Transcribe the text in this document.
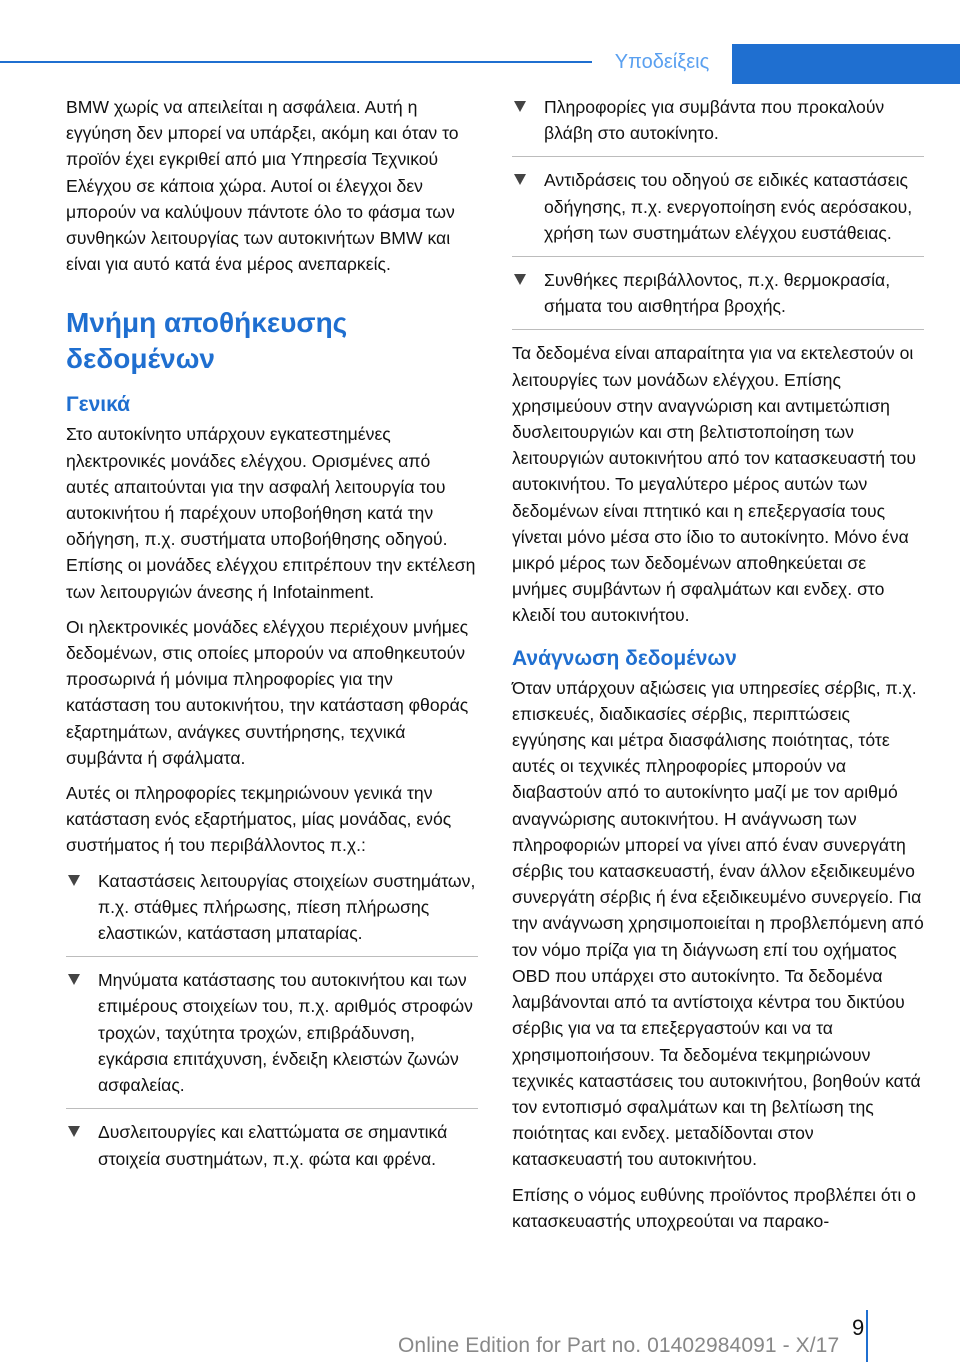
Υποδείξεις

BMW χωρίς να απειλείται η ασφάλεια. Αυτή η εγγύηση δεν μπορεί να υπάρξει, ακόμη και όταν το προϊόν έχει εγκριθεί από μια Υπηρεσία Τεχνικού Ελέγχου σε κάποια χώρα. Αυτοί οι έλεγχοι δεν μπορούν να καλύψουν πάντοτε όλο το φάσμα των συνθηκών λειτουργίας των αυτοκινήτων BMW και είναι για αυτό κατά ένα μέρος ανεπαρκείς.

Μνήμη αποθήκευσης δεδομένων
Γενικά

Στο αυτοκίνητο υπάρχουν εγκατεστημένες ηλεκτρονικές μονάδες ελέγχου. Ορισμένες από αυτές απαιτούνται για την ασφαλή λειτουργία του αυτοκινήτου ή παρέχουν υποβοήθηση κατά την οδήγηση, π.χ. συστήματα υποβοήθησης οδηγού. Επίσης οι μονάδες ελέγχου επιτρέπουν την εκτέλεση των λειτουργιών άνεσης ή Infotainment.

Οι ηλεκτρονικές μονάδες ελέγχου περιέχουν μνήμες δεδομένων, στις οποίες μπορούν να αποθηκευτούν προσωρινά ή μόνιμα πληροφορίες για την κατάσταση του αυτοκινήτου, την κατάσταση φθοράς εξαρτημάτων, ανάγκες συντήρησης, τεχνικά συμβάντα ή σφάλματα.

Αυτές οι πληροφορίες τεκμηριώνουν γενικά την κατάσταση ενός εξαρτήματος, μίας μονάδας, ενός συστήματος ή του περιβάλλοντος π.χ.:

Καταστάσεις λειτουργίας στοιχείων συστημάτων, π.χ. στάθμες πλήρωσης, πίεση πλήρωσης ελαστικών, κατάσταση μπαταρίας.
Μηνύματα κατάστασης του αυτοκινήτου και των επιμέρους στοιχείων του, π.χ. αριθμός στροφών τροχών, ταχύτητα τροχών, επιβράδυνση, εγκάρσια επιτάχυνση, ένδειξη κλειστών ζωνών ασφαλείας.
Δυσλειτουργίες και ελαττώματα σε σημαντικά στοιχεία συστημάτων, π.χ. φώτα και φρένα.
Πληροφορίες για συμβάντα που προκαλούν βλάβη στο αυτοκίνητο.
Αντιδράσεις του οδηγού σε ειδικές καταστάσεις οδήγησης, π.χ. ενεργοποίηση ενός αερόσακου, χρήση των συστημάτων ελέγχου ευστάθειας.
Συνθήκες περιβάλλοντος, π.χ. θερμοκρασία, σήματα του αισθητήρα βροχής.

Τα δεδομένα είναι απαραίτητα για να εκτελεστούν οι λειτουργίες των μονάδων ελέγχου. Επίσης χρησιμεύουν στην αναγνώριση και αντιμετώπιση δυσλειτουργιών και στη βελτιστοποίηση των λειτουργιών αυτοκινήτου από τον κατασκευαστή του αυτοκινήτου. Το μεγαλύτερο μέρος αυτών των δεδομένων είναι πτητικό και η επεξεργασία τους γίνεται μόνο μέσα στο ίδιο το αυτοκίνητο. Μόνο ένα μικρό μέρος των δεδομένων αποθηκεύεται σε μνήμες συμβάντων ή σφαλμάτων και ενδεχ. στο κλειδί του αυτοκινήτου.

Ανάγνωση δεδομένων

Όταν υπάρχουν αξιώσεις για υπηρεσίες σέρβις, π.χ. επισκευές, διαδικασίες σέρβις, περιπτώσεις εγγύησης και μέτρα διασφάλισης ποιότητας, τότε αυτές οι τεχνικές πληροφορίες μπορούν να διαβαστούν από το αυτοκίνητο μαζί με τον αριθμό αναγνώρισης αυτοκινήτου. Η ανάγνωση των πληροφοριών μπορεί να γίνει από έναν συνεργάτη σέρβις του κατασκευαστή, έναν άλλον εξειδικευμένο συνεργάτη σέρβις ή ένα εξειδικευμένο συνεργείο. Για την ανάγνωση χρησιμοποιείται η προβλεπόμενη από τον νόμο πρίζα για τη διάγνωση επί του οχήματος OBD που υπάρχει στο αυτοκίνητο. Τα δεδομένα λαμβάνονται από τα αντίστοιχα κέντρα του δικτύου σέρβις για να τα επεξεργαστούν και να τα χρησιμοποιήσουν. Τα δεδομένα τεκμηριώνουν τεχνικές καταστάσεις του αυτοκινήτου, βοηθούν κατά τον εντοπισμό σφαλμάτων και τη βελτίωση της ποιότητας και ενδεχ. μεταδίδονται στον κατασκευαστή του αυτοκινήτου.

Επίσης ο νόμος ευθύνης προϊόντος προβλέπει ότι ο κατασκευαστής υποχρεούται να παρακο-

9
Online Edition for Part no. 01402984091 - X/17
